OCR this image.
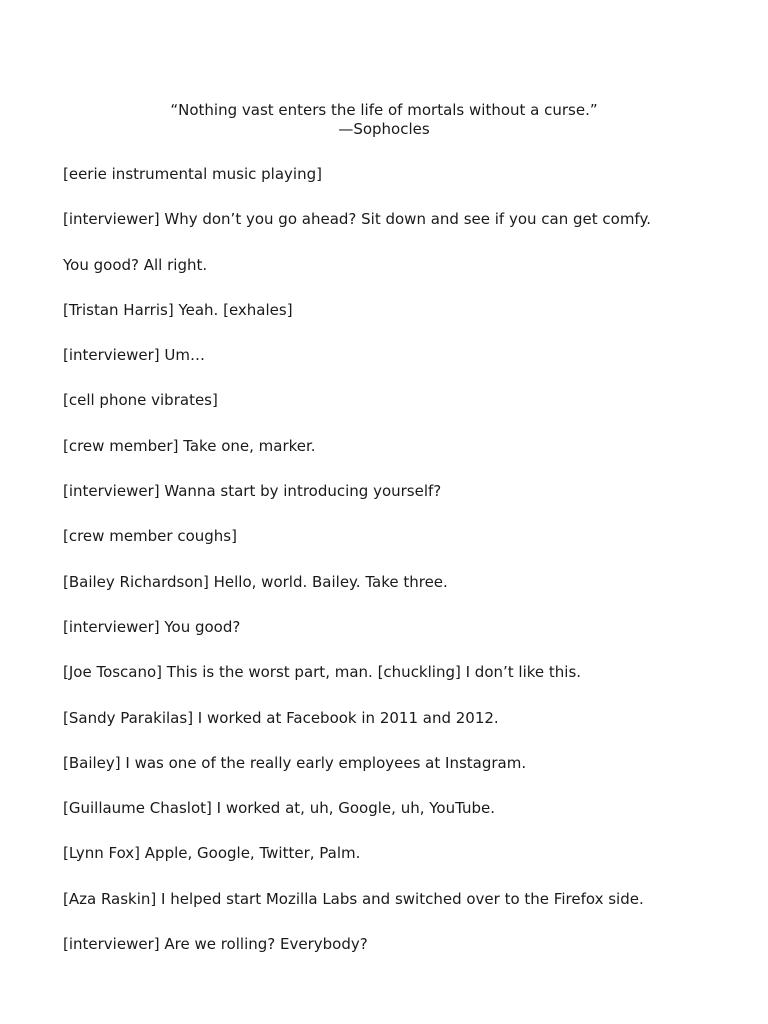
“Nothing vast enters the life of mortals without a curse.”
—Sophocles
[eerie instrumental music playing]
[interviewer] Why don’t you go ahead? Sit down and see if you can get comfy.
You good? All right.
[Tristan Harris] Yeah. [exhales]
[interviewer] Um…
[cell phone vibrates]
[crew member] Take one, marker.
[interviewer] Wanna start by introducing yourself?
[crew member coughs]
[Bailey Richardson] Hello, world. Bailey. Take three.
[interviewer] You good?
[Joe Toscano] This is the worst part, man. [chuckling] I don’t like this.
[Sandy Parakilas] I worked at Facebook in 2011 and 2012.
[Bailey] I was one of the really early employees at Instagram.
[Guillaume Chaslot] I worked at, uh, Google, uh, YouTube.
[Lynn Fox] Apple, Google, Twitter, Palm.
[Aza Raskin] I helped start Mozilla Labs and switched over to the Firefox side.
[interviewer] Are we rolling? Everybody?
